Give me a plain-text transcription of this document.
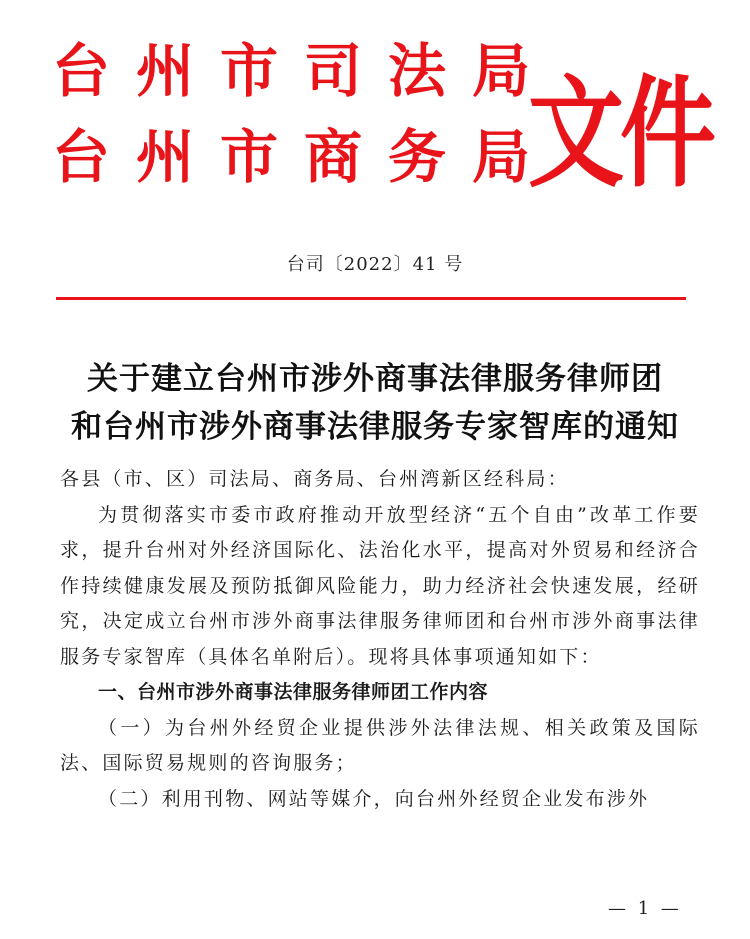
台州市司法局
台州市商务局
文件
台司〔2022〕41 号
关于建立台州市涉外商事法律服务律师团
和台州市涉外商事法律服务专家智库的通知

各县（市、区）司法局、商务局、台州湾新区经科局：

为贯彻落实市委市政府推动开放型经济“五个自由”改革工作要求，提升台州对外经济国际化、法治化水平，提高对外贸易和经济合作持续健康发展及预防抵御风险能力，助力经济社会快速发展，经研究，决定成立台州市涉外商事法律服务律师团和台州市涉外商事法律服务专家智库（具体名单附后）。现将具体事项通知如下：

一、台州市涉外商事法律服务律师团工作内容

（一）为台州外经贸企业提供涉外法律法规、相关政策及国际法、国际贸易规则的咨询服务；

（二）利用刊物、网站等媒介，向台州外经贸企业发布涉外

— 1 —
